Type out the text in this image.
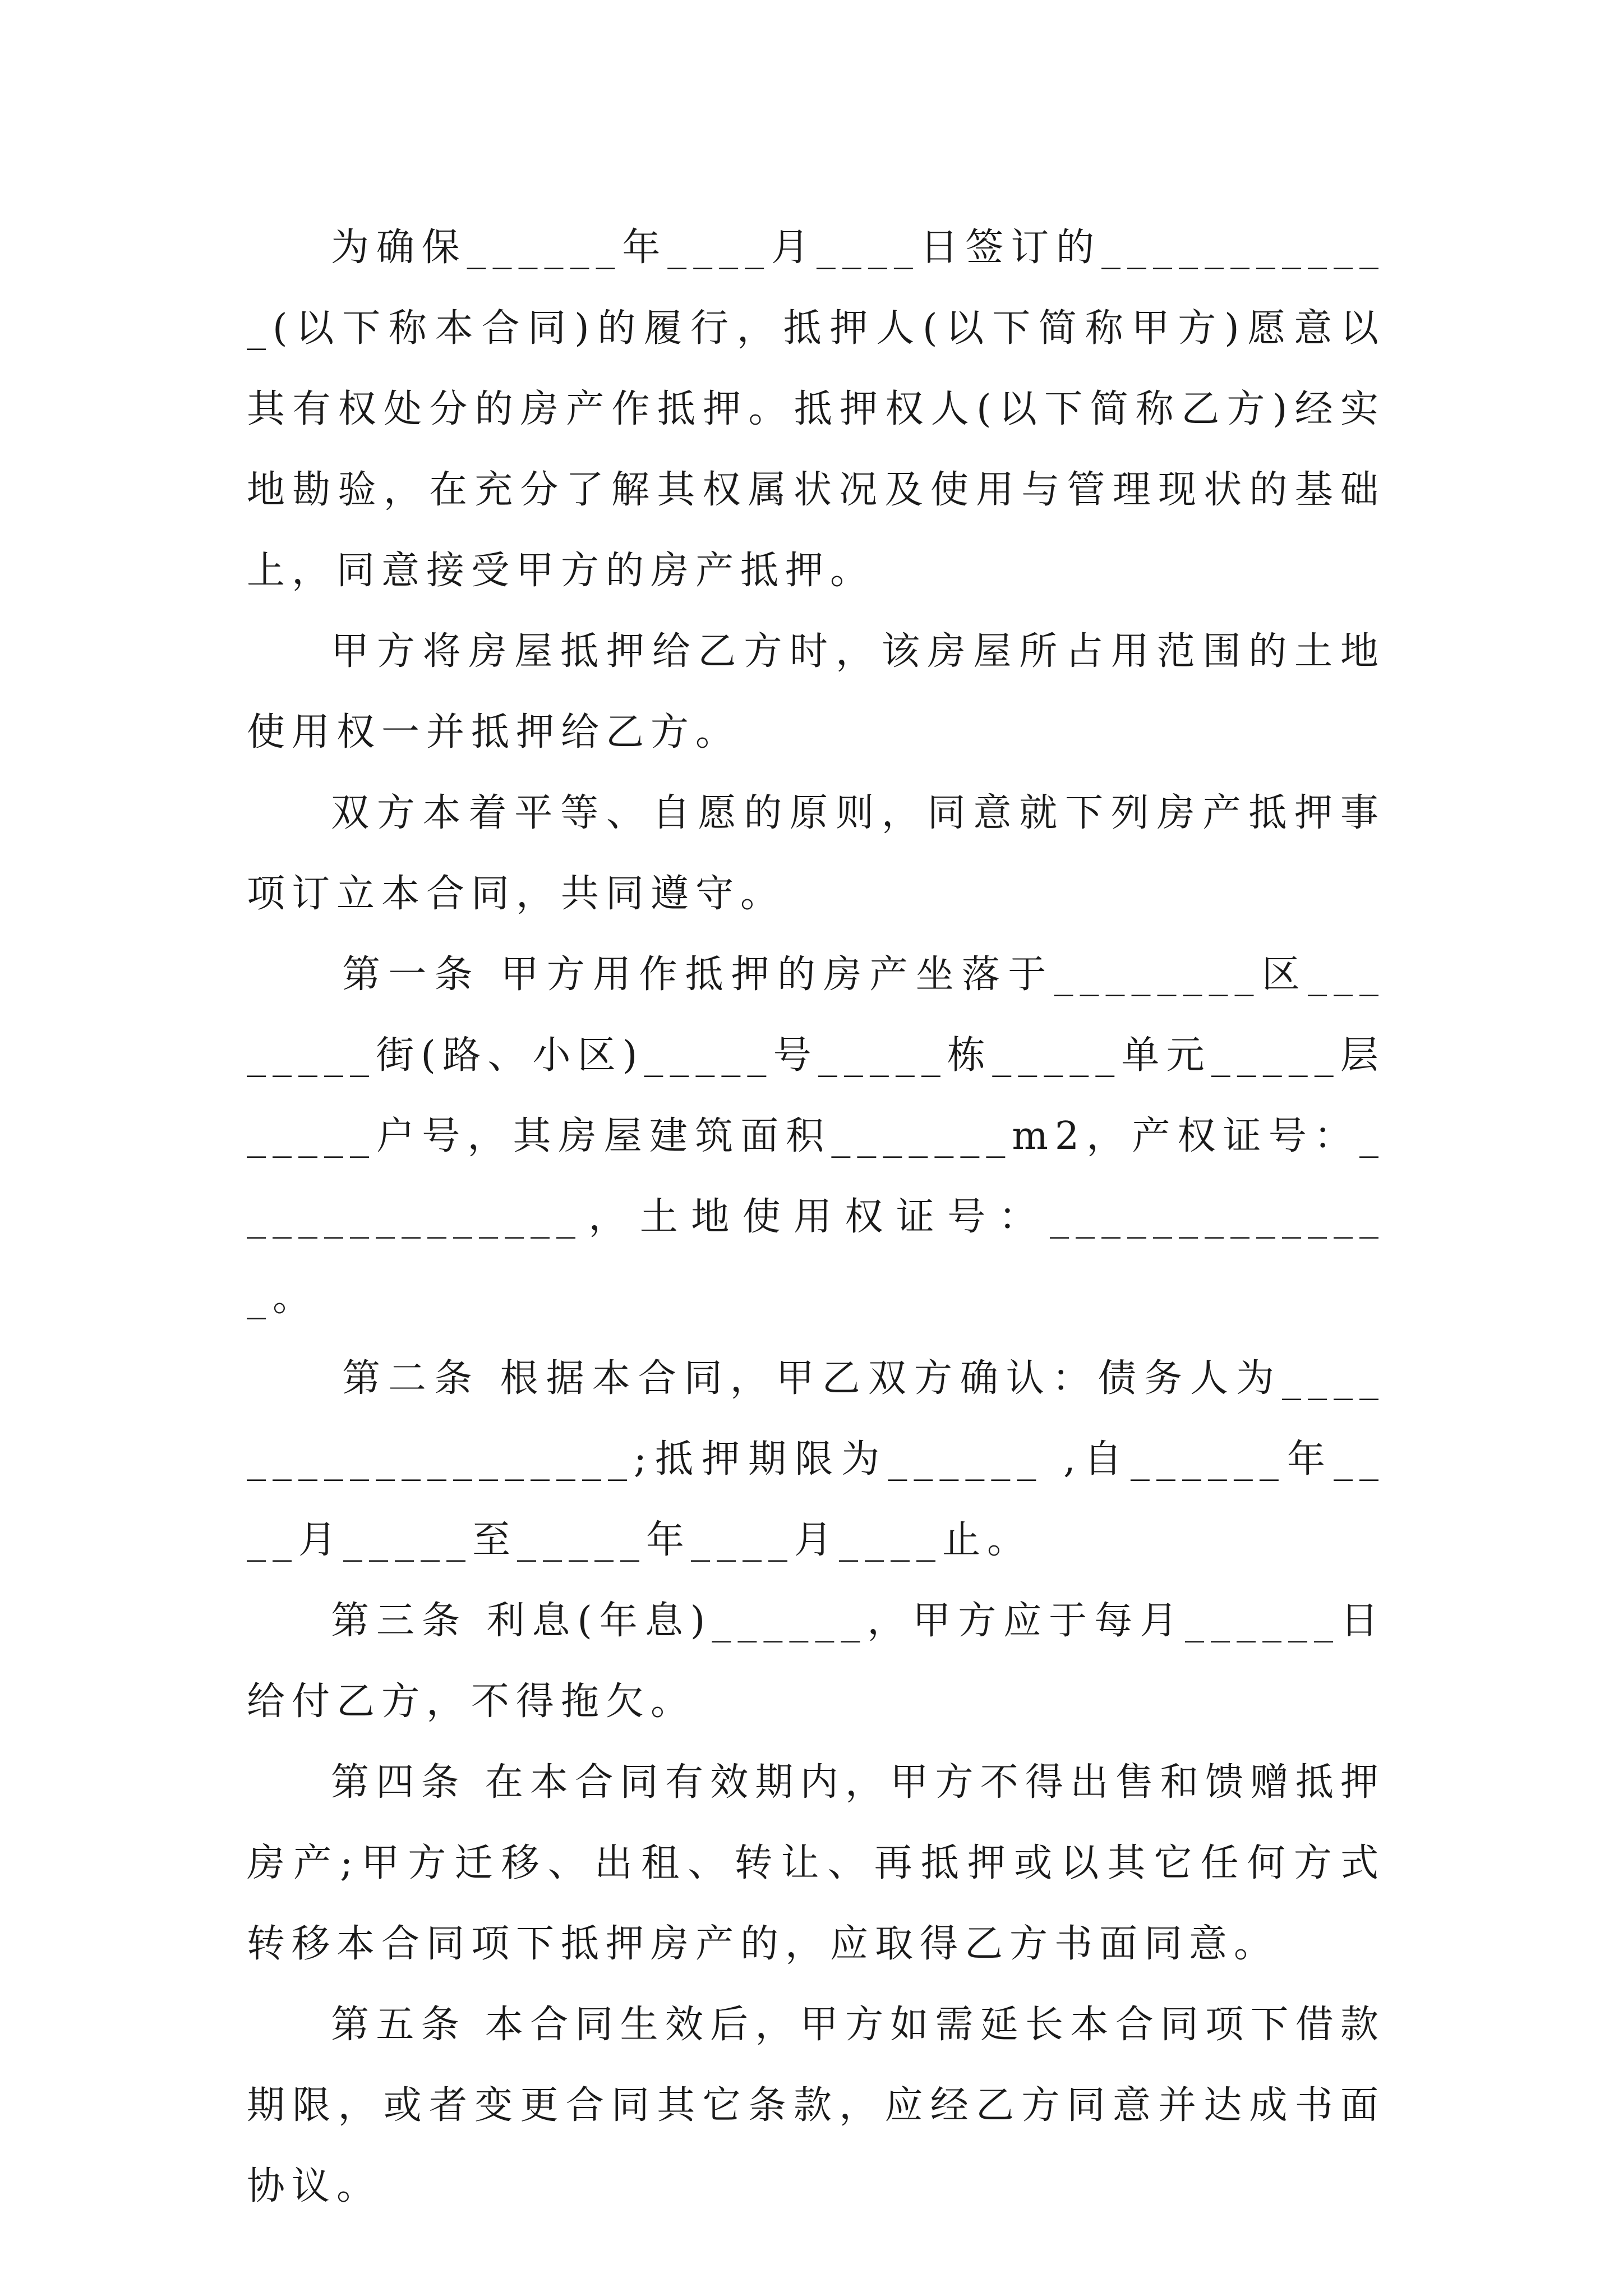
为确保______年____月____日签订的____________(以下称本合同)的履行，抵押人(以下简称甲方)愿意以其有权处分的房产作抵押。抵押权人(以下简称乙方)经实地勘验，在充分了解其权属状况及使用与管理现状的基础上，同意接受甲方的房产抵押。

甲方将房屋抵押给乙方时，该房屋所占用范围的土地使用权一并抵押给乙方。

双方本着平等、自愿的原则，同意就下列房产抵押事项订立本合同，共同遵守。

第一条 甲方用作抵押的房产坐落于________区________街(路、小区)_____号_____栋_____单元_____层_____户号，其房屋建筑面积_______m2，产权证号：______________，土地使用权证号：______________。

第二条 根据本合同，甲乙双方确认：债务人为___________________;抵押期限为______ ,自______年____月_____至_____年____月____止。

第三条 利息(年息)______，甲方应于每月______日给付乙方，不得拖欠。

第四条 在本合同有效期内，甲方不得出售和馈赠抵押房产;甲方迁移、出租、转让、再抵押或以其它任何方式转移本合同项下抵押房产的，应取得乙方书面同意。

第五条 本合同生效后，甲方如需延长本合同项下借款期限，或者变更合同其它条款，应经乙方同意并达成书面协议。
